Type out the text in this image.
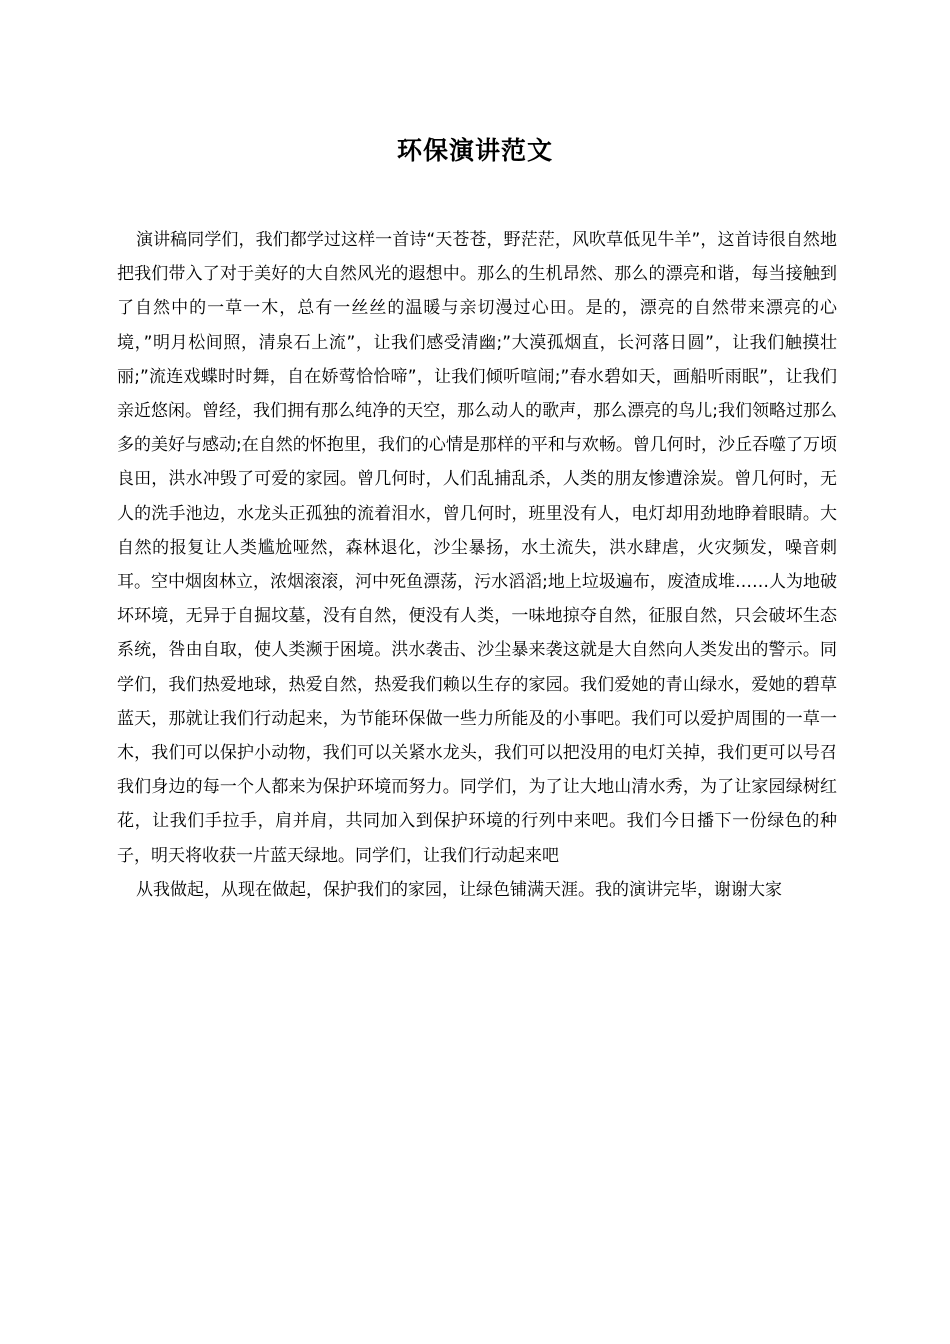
环保演讲范文

演讲稿同学们，我们都学过这样一首诗“天苍苍，野茫茫，风吹草低见牛羊”，这首诗很自然地把我们带入了对于美好的大自然风光的遐想中。那么的生机昂然、那么的漂亮和谐，每当接触到了自然中的一草一木，总有一丝丝的温暖与亲切漫过心田。是的，漂亮的自然带来漂亮的心境，”明月松间照，清泉石上流”，让我们感受清幽;”大漠孤烟直，长河落日圆”，让我们触摸壮丽;”流连戏蝶时时舞，自在娇莺恰恰啼”，让我们倾听喧闹;”春水碧如天，画船听雨眠”，让我们亲近悠闲。曾经，我们拥有那么纯净的天空，那么动人的歌声，那么漂亮的鸟儿;我们领略过那么多的美好与感动;在自然的怀抱里，我们的心情是那样的平和与欢畅。曾几何时，沙丘吞噬了万顷良田，洪水冲毁了可爱的家园。曾几何时，人们乱捕乱杀，人类的朋友惨遭涂炭。曾几何时，无人的洗手池边，水龙头正孤独的流着泪水，曾几何时，班里没有人，电灯却用劲地睁着眼睛。大自然的报复让人类尴尬哑然，森林退化，沙尘暴扬，水土流失，洪水肆虐，火灾频发，噪音刺耳。空中烟囱林立，浓烟滚滚，河中死鱼漂荡，污水滔滔;地上垃圾遍布，废渣成堆……人为地破坏环境，无异于自掘坟墓，没有自然，便没有人类，一味地掠夺自然，征服自然，只会破坏生态系统，咎由自取，使人类濒于困境。洪水袭击、沙尘暴来袭这就是大自然向人类发出的警示。同学们，我们热爱地球，热爱自然，热爱我们赖以生存的家园。我们爱她的青山绿水，爱她的碧草蓝天，那就让我们行动起来，为节能环保做一些力所能及的小事吧。我们可以爱护周围的一草一木，我们可以保护小动物，我们可以关紧水龙头，我们可以把没用的电灯关掉，我们更可以号召我们身边的每一个人都来为保护环境而努力。同学们，为了让大地山清水秀，为了让家园绿树红花，让我们手拉手，肩并肩，共同加入到保护环境的行列中来吧。我们今日播下一份绿色的种子，明天将收获一片蓝天绿地。同学们，让我们行动起来吧

从我做起，从现在做起，保护我们的家园，让绿色铺满天涯。我的演讲完毕，谢谢大家
